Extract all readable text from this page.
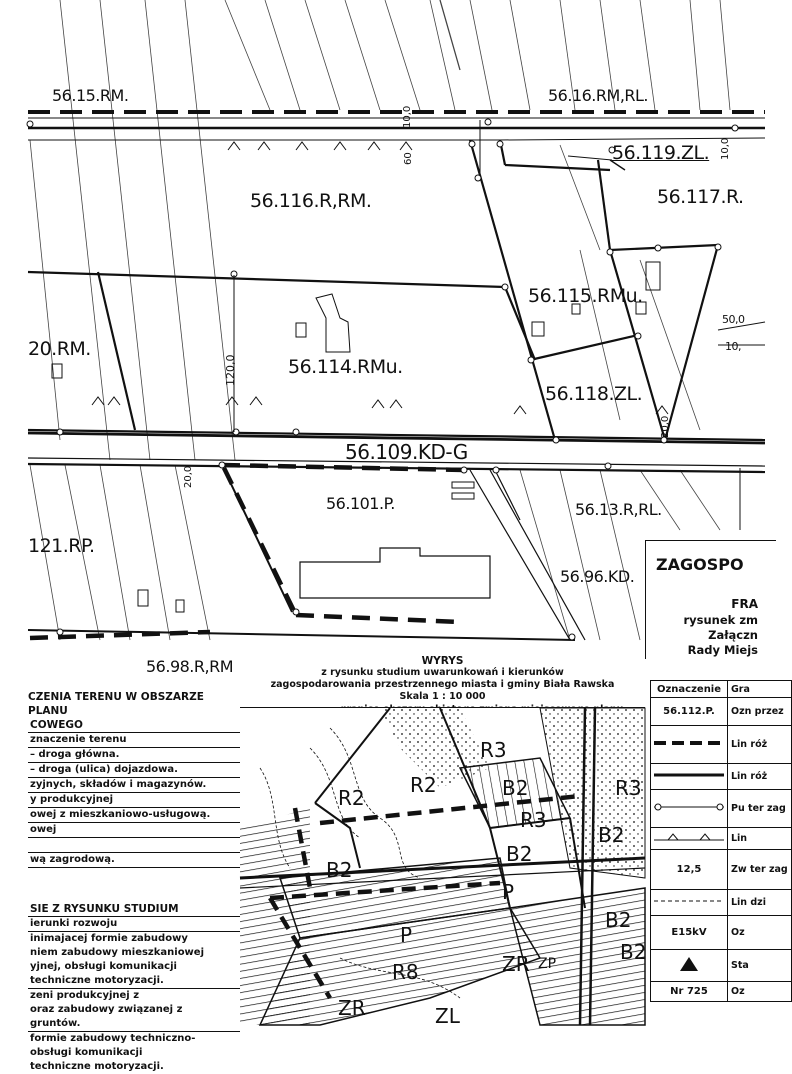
56.15.RM.	56.16.RM,RL.
56.119.ZL.
56.116.R,RM.	56.117.R.
56.115.RMu.
20.RM.
56.114.RMu.
56.118.ZL.
56.109.KD-G
56.101.P.	56.13.R,RL.
121.RP.
56.96.KD.
56.98.R,RM
10,0
60	10,0
120,0
20,0
20,0
50,0
10,
ZAGOSPO
FRA
rysunek zm
Załączn
Rady Miejs
WYRYS
z rysunku studium uwarunkowań i kierunków
zagospodarowania przestrzennego miasta i gminy Biała Rawska
Skala 1 : 10 000
CZENIA TERENU W OBSZARZE PLANU
COWEGO
znaczenie terenu
– droga główna.
– droga (ulica) dojazdowa.
zyjnych, składów i magazynów.
y produkcyjnej
owej z mieszkaniowo-usługową.
owej
wą zagrodową.
SIE Z RYSUNKU STUDIUM
ierunki rozwoju
inimajacej formie zabudowy
niem zabudowy mieszkaniowej
yjnej, obsługi komunikacji
techniczne motoryzacji.
zeni produkcyjnej z
oraz zabudowy związanej z
gruntów.
formie zabudowy techniczno-
obsługi komunikacji
techniczne motoryzacji.
Oznaczenie	Gra
56.112.P.	Ozn przez
	Lin róż
	Lin róż
	Pu ter zag
	Lin
12,5	Zw ter zag
	Lin dzi
E15kV	Oz
	Sta
Nr 725	Oz
R3
R2
R2	B2	R3
R3
B2
B2
B2
P
P
B2
R8	ZR
ZR	ZL
ZP	B2
